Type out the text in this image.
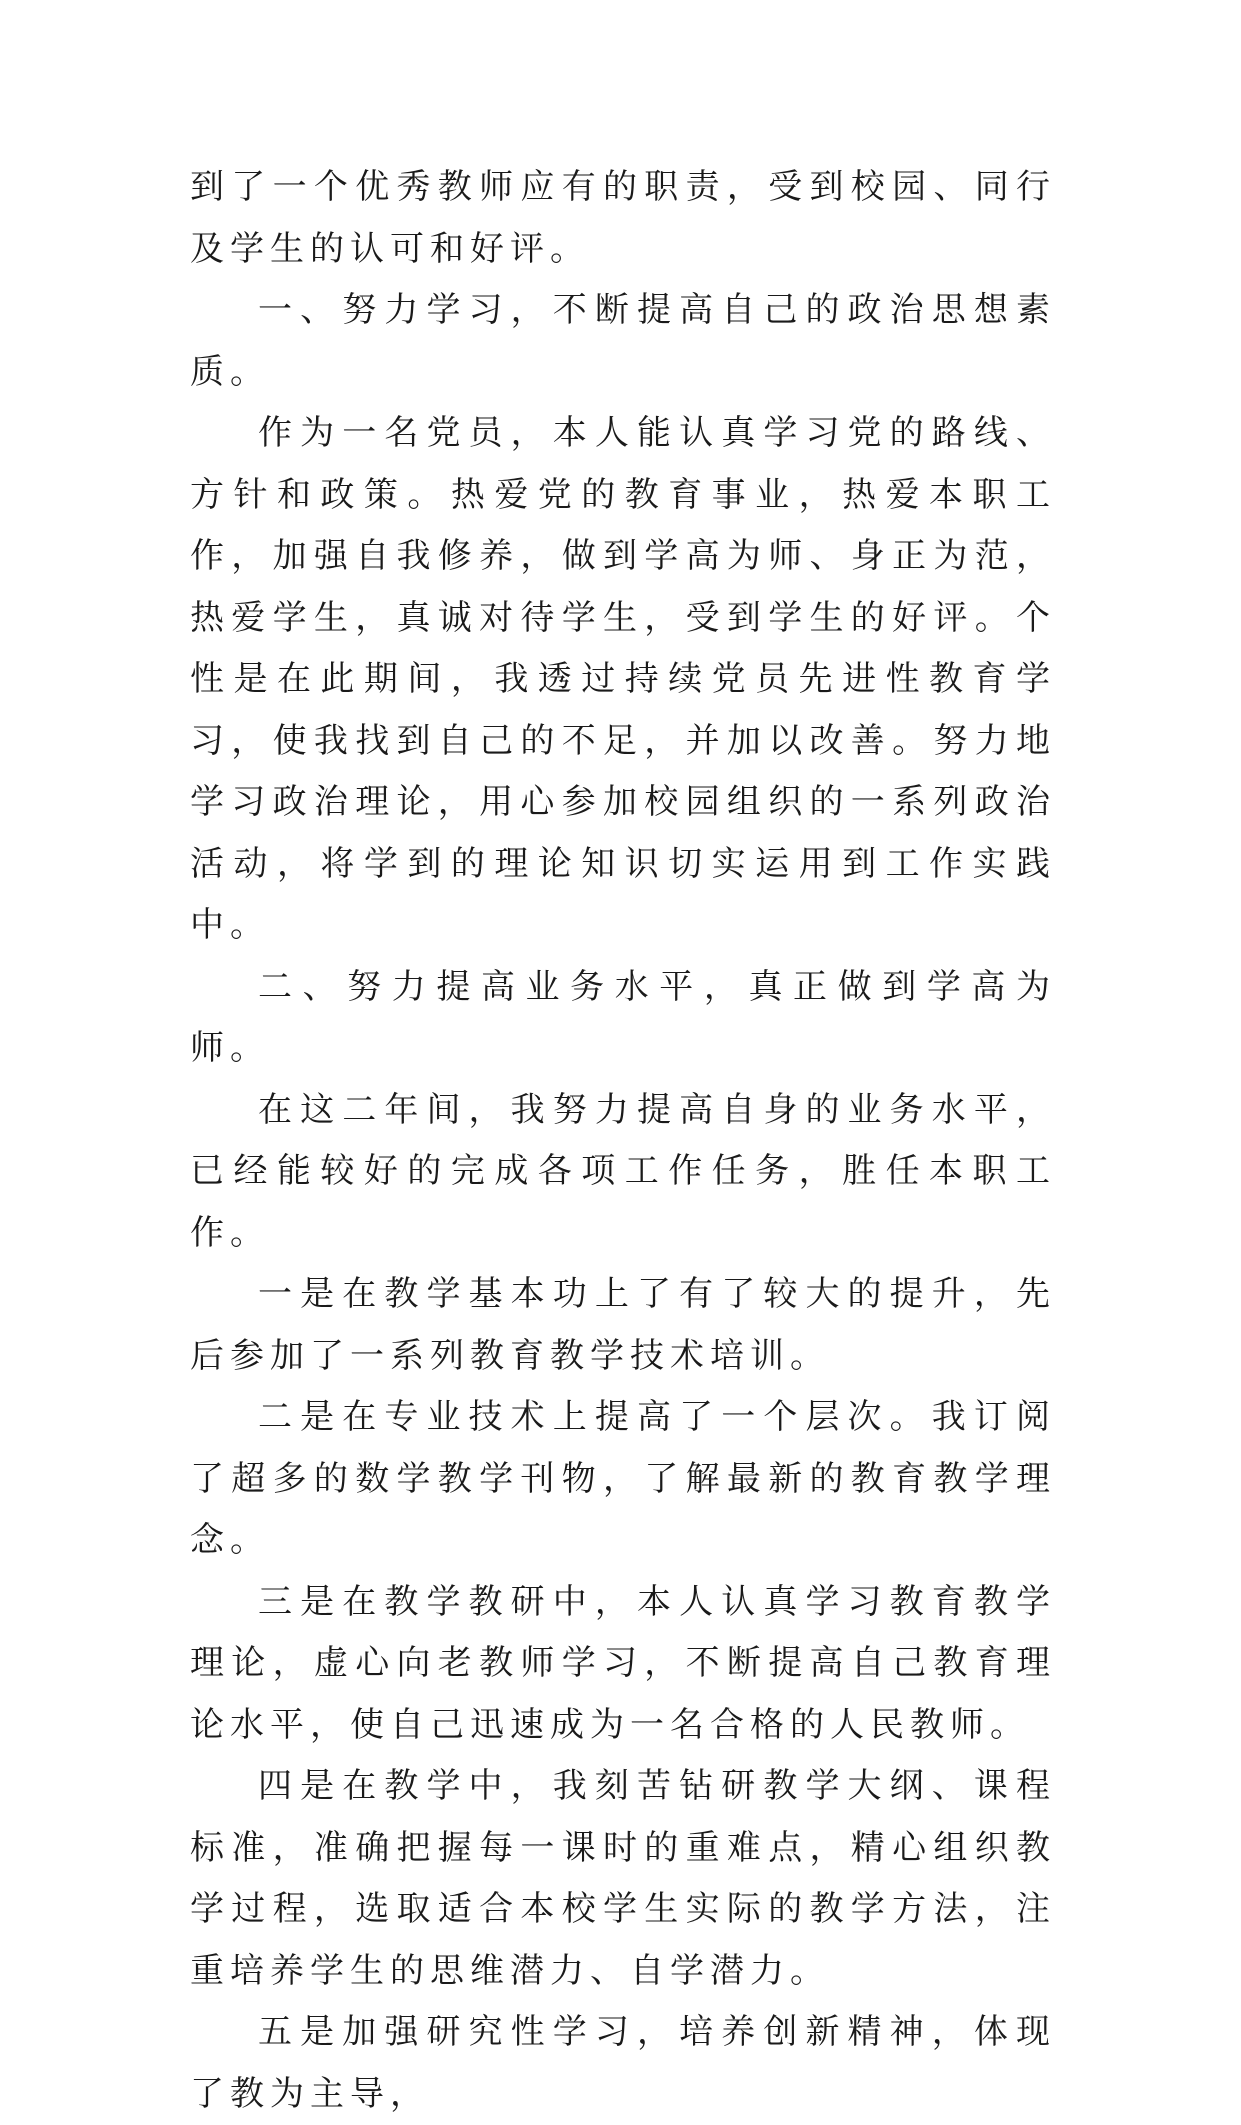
到了一个优秀教师应有的职责，受到校园、同行及学生的认可和好评。

一、努力学习，不断提高自己的政治思想素质。

作为一名党员，本人能认真学习党的路线、方针和政策。热爱党的教育事业，热爱本职工作，加强自我修养，做到学高为师、身正为范，热爱学生，真诚对待学生，受到学生的好评。个性是在此期间，我透过持续党员先进性教育学习，使我找到自己的不足，并加以改善。努力地学习政治理论，用心参加校园组织的一系列政治活动，将学到的理论知识切实运用到工作实践中。

二、努力提高业务水平，真正做到学高为师。

在这二年间，我努力提高自身的业务水平，已经能较好的完成各项工作任务，胜任本职工作。

一是在教学基本功上了有了较大的提升，先后参加了一系列教育教学技术培训。

二是在专业技术上提高了一个层次。我订阅了超多的数学教学刊物，了解最新的教育教学理念。

三是在教学教研中，本人认真学习教育教学理论，虚心向老教师学习，不断提高自己教育理论水平，使自己迅速成为一名合格的人民教师。

四是在教学中，我刻苦钻研教学大纲、课程标准，准确把握每一课时的重难点，精心组织教学过程，选取适合本校学生实际的教学方法，注重培养学生的思维潜力、自学潜力。

五是加强研究性学习，培养创新精神，体现了教为主导，
